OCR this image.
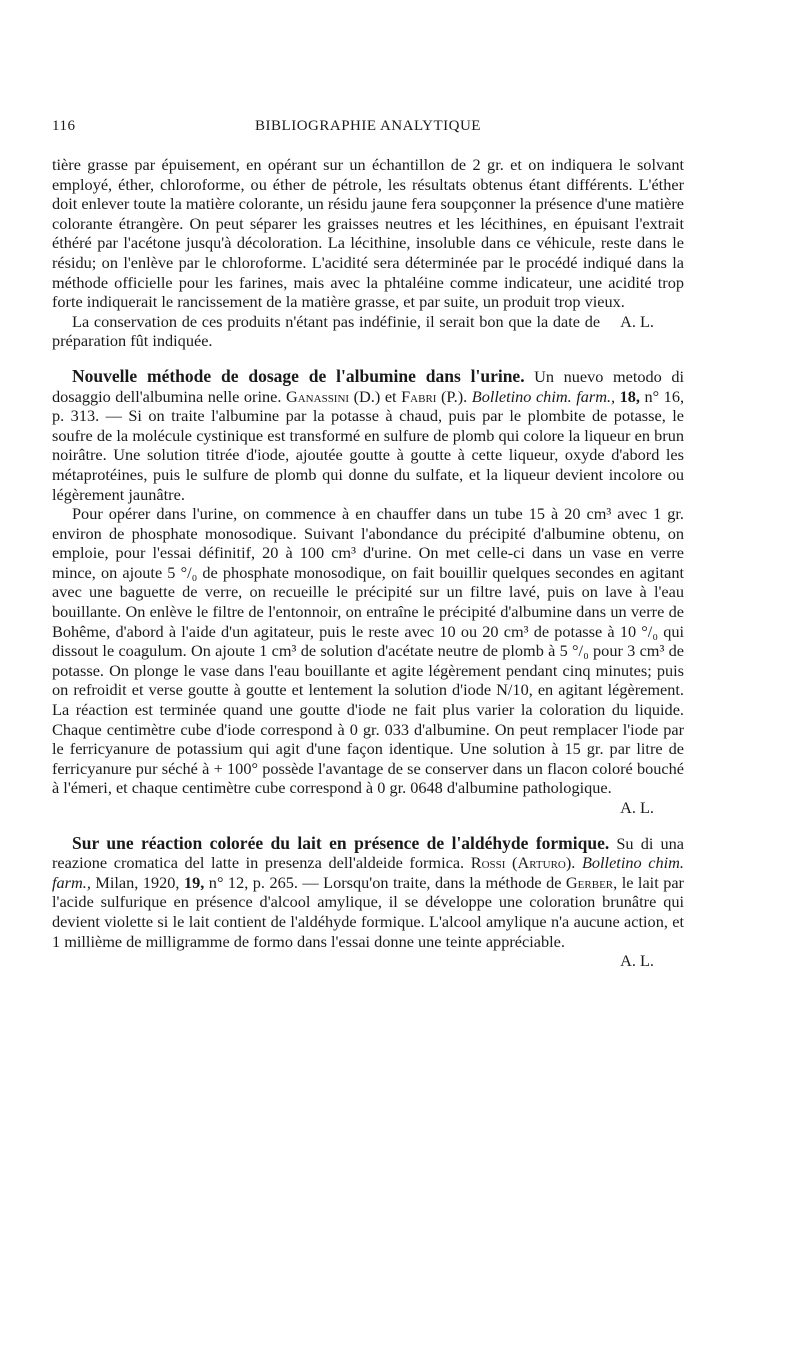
116	BIBLIOGRAPHIE ANALYTIQUE

tière grasse par épuisement, en opérant sur un échantillon de 2 gr. et on indiquera le solvant employé, éther, chloroforme, ou éther de pétrole, les résultats obtenus étant différents. L'éther doit enlever toute la matière colorante, un résidu jaune fera soupçonner la présence d'une matière colorante étrangère. On peut séparer les graisses neutres et les lécithines, en épuisant l'extrait éthéré par l'acétone jusqu'à décoloration. La lécithine, insoluble dans ce véhicule, reste dans le résidu; on l'enlève par le chloroforme. L'acidité sera déterminée par le procédé indiqué dans la méthode officielle pour les farines, mais avec la phtaléine comme indicateur, une acidité trop forte indiquerait le rancissement de la matière grasse, et par suite, un produit trop vieux.

La conservation de ces produits n'étant pas indéfinie, il serait bon que la date de préparation fût indiquée.
A. L.

Nouvelle méthode de dosage de l'albumine dans l'urine. Un nuevo metodo di dosaggio dell'albumina nelle orine. Ganassini (D.) et Fabri (P.). Bolletino chim. farm., 18, n° 16, p. 313. — Si on traite l'albumine par la potasse à chaud, puis par le plombite de potasse, le soufre de la molécule cystinique est transformé en sulfure de plomb qui colore la liqueur en brun noirâtre. Une solution titrée d'iode, ajoutée goutte à goutte à cette liqueur, oxyde d'abord les métaprotéines, puis le sulfure de plomb qui donne du sulfate, et la liqueur devient incolore ou légèrement jaunâtre.

Pour opérer dans l'urine, on commence à en chauffer dans un tube 15 à 20 cm³ avec 1 gr. environ de phosphate monosodique. Suivant l'abondance du précipité d'albumine obtenu, on emploie, pour l'essai définitif, 20 à 100 cm³ d'urine. On met celle-ci dans un vase en verre mince, on ajoute 5 °/₀ de phosphate monosodique, on fait bouillir quelques secondes en agitant avec une baguette de verre, on recueille le précipité sur un filtre lavé, puis on lave à l'eau bouillante. On enlève le filtre de l'entonnoir, on entraîne le précipité d'albumine dans un verre de Bohême, d'abord à l'aide d'un agitateur, puis le reste avec 10 ou 20 cm³ de potasse à 10 °/₀ qui dissout le coagulum. On ajoute 1 cm³ de solution d'acétate neutre de plomb à 5 °/₀ pour 3 cm³ de potasse. On plonge le vase dans l'eau bouillante et agite légèrement pendant cinq minutes; puis on refroidit et verse goutte à goutte et lentement la solution d'iode N/10, en agitant légèrement. La réaction est terminée quand une goutte d'iode ne fait plus varier la coloration du liquide. Chaque centimètre cube d'iode correspond à 0 gr. 033 d'albumine. On peut remplacer l'iode par le ferricyanure de potassium qui agit d'une façon identique. Une solution à 15 gr. par litre de ferricyanure pur séché à + 100° possède l'avantage de se conserver dans un flacon coloré bouché à l'émeri, et chaque centimètre cube correspond à 0 gr. 0648 d'albumine pathologique.

A. L.

Sur une réaction colorée du lait en présence de l'aldéhyde formique. Su di una reazione cromatica del latte in presenza dell'aldeide formica. Rossi (Arturo). Bolletino chim. farm., Milan, 1920, 19, n° 12, p. 265. — Lorsqu'on traite, dans la méthode de Gerber, le lait par l'acide sulfurique en présence d'alcool amylique, il se développe une coloration brunâtre qui devient violette si le lait contient de l'aldéhyde formique. L'alcool amylique n'a aucune action, et 1 millième de milligramme de formo dans l'essai donne une teinte appréciable.

A. L.
